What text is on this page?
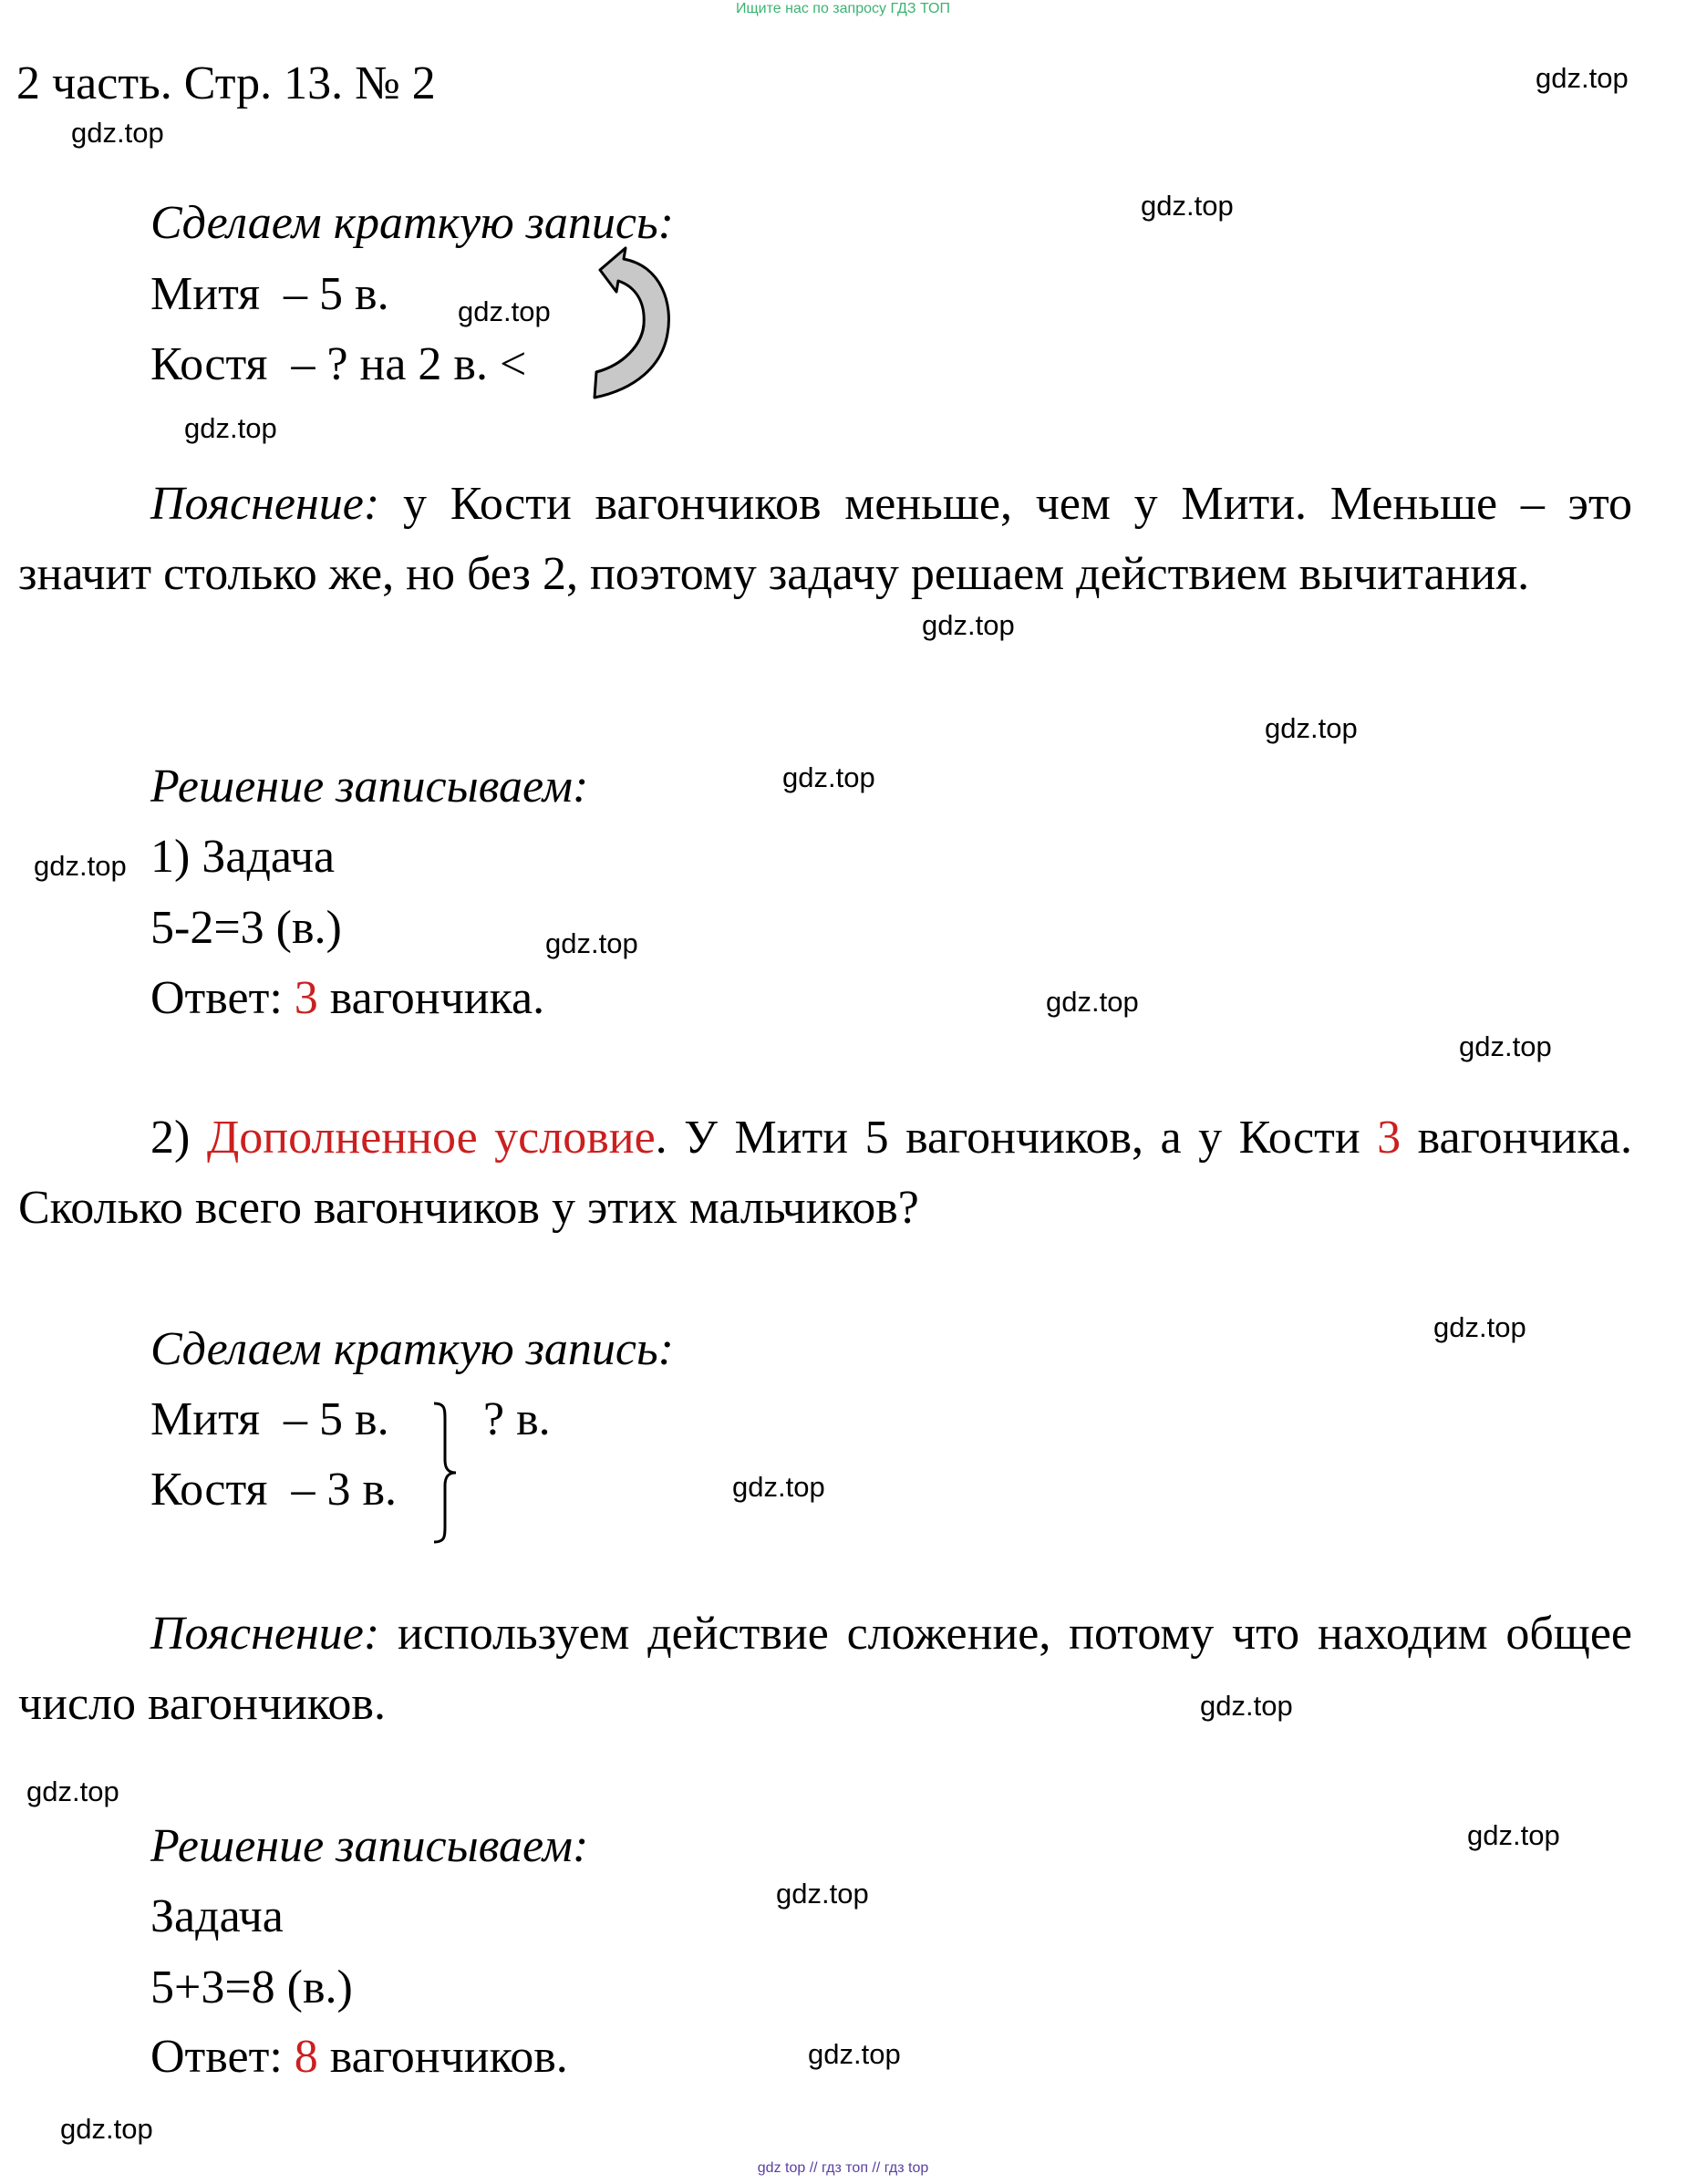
Ищите нас по запросу ГДЗ ТОП
gdz top // гдз топ // гдз top
2 часть. Стр. 13. № 2	gdz.top
gdz.top
gdz.top
gdz.top
gdz.top
gdz.top
gdz.top
gdz.top
gdz.top
gdz.top
gdz.top
gdz.top
gdz.top
gdz.top
gdz.top
gdz.top
gdz.top
gdz.top
gdz.top
gdz.top
Сделаем краткую запись:
Митя – 5 в.
Костя – ? на 2 в. <
Пояснение: у Кости вагончиков меньше, чем у Мити. Меньше – это значит столько же, но без 2, поэтому задачу решаем действием вычитания.
Решение записываем:
1) Задача
5-2=3 (в.)
Ответ: 3 вагончика.
2) Дополненное условие. У Мити 5 вагончиков, а у Кости 3 вагончика. Сколько всего вагончиков у этих мальчиков?
Сделаем краткую запись:
Митя – 5 в.
Костя – 3 в.
? в.
Пояснение: используем действие сложение, потому что находим общее число вагончиков.
Решение записываем:
Задача
5+3=8 (в.)
Ответ: 8 вагончиков.
